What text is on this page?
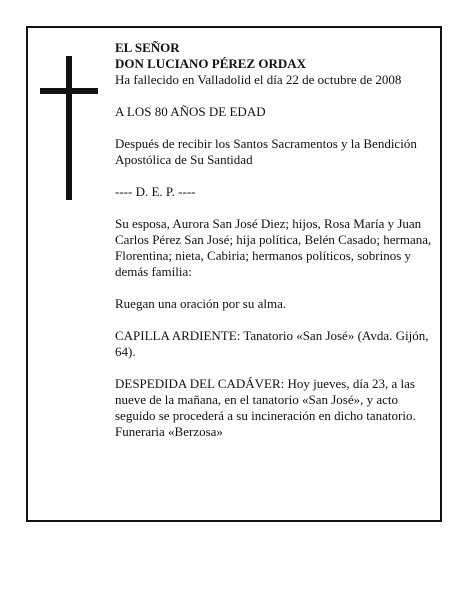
EL SEÑOR

DON LUCIANO PÉREZ ORDAX

Ha fallecido en Valladolid el día 22 de octubre de 2008

A LOS 80 AÑOS DE EDAD

Después de recibir los Santos Sacramentos y la Bendición Apostólica de Su Santidad

---- D. E. P. ----

Su esposa, Aurora San José Diez; hijos, Rosa María y Juan Carlos Pérez San José; hija política, Belén Casado; hermana, Florentina; nieta, Cabiria; hermanos políticos, sobrinos y demás familia:

Ruegan una oración por su alma.

CAPILLA ARDIENTE: Tanatorio «San José» (Avda. Gijón, 64).

DESPEDIDA DEL CADÁVER: Hoy jueves, día 23, a las nueve de la mañana, en el tanatorio «San José», y acto seguido se procederá a su incineración en dicho tanatorio.

Funeraria «Berzosa»
